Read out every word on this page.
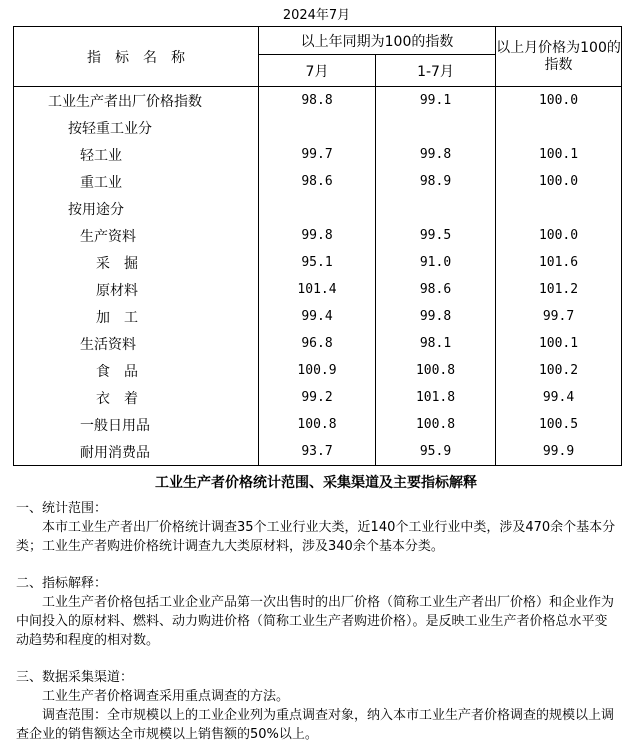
2024年7月
指　标　名　称	以上年同期为100的指数		以上月价格为100的指数
	7月	1-7月	
工业生产者出厂价格指数	98.8	99.1	100.0
按轻重工业分			
轻工业	99.7	99.8	100.1
重工业	98.6	98.9	100.0
按用途分			
生产资料	99.8	99.5	100.0
采　掘	95.1	91.0	101.6
原材料	101.4	98.6	101.2
加　工	99.4	99.8	99.7
生活资料	96.8	98.1	100.1
食　品	100.9	100.8	100.2
衣　着	99.2	101.8	99.4
一般日用品	100.8	100.8	100.5
耐用消费品	93.7	95.9	99.9
工业生产者价格统计范围、采集渠道及主要指标解释

一、统计范围：

本市工业生产者出厂价格统计调查35个工业行业大类，近140个工业行业中类，涉及470余个基本分类；工业生产者购进价格统计调查九大类原材料，涉及340余个基本分类。

二、指标解释：

工业生产者价格包括工业企业产品第一次出售时的出厂价格（简称工业生产者出厂价格）和企业作为中间投入的原材料、燃料、动力购进价格（简称工业生产者购进价格）。是反映工业生产者价格总水平变动趋势和程度的相对数。

三、数据采集渠道：

工业生产者价格调查采用重点调查的方法。

调查范围：全市规模以上的工业企业列为重点调查对象，纳入本市工业生产者价格调查的规模以上调查企业的销售额达全市规模以上销售额的50%以上。
